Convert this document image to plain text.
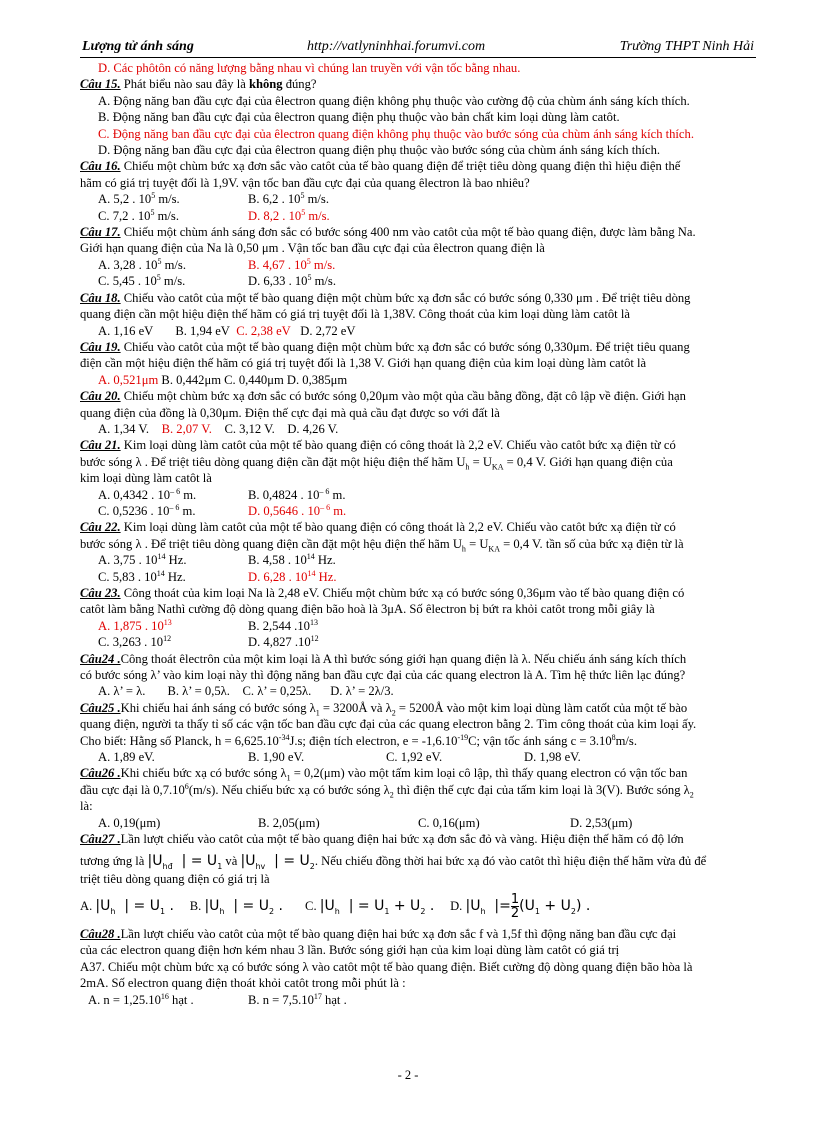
Lượng tử ánh sáng	http://vatlyninhhai.forumvi.com	Trường THPT Ninh Hải
D. Các phôtôn có năng lượng bằng nhau vì chúng lan truyền với vận tốc bằng nhau.
Câu 15. Phát biểu nào sau đây là không đúng?
A. Động năng ban đầu cực đại của êlectron quang điện không phụ thuộc vào cường độ của chùm ánh sáng kích thích.
B. Động năng ban đầu cực đại của êlectron quang điện phụ thuộc vào bản chất kim loại dùng làm catôt.
C. Động năng ban đầu cực đại của êlectron quang điện không phụ thuộc vào bước sóng của chùm ánh sáng kích thích.
D. Động năng ban đầu cực đại của êlectron quang điện phụ thuộc vào bước sóng của chùm ánh sáng kích thích.
Câu 16. Chiếu một chùm bức xạ đơn sắc vào catôt của tế bào quang điện để triệt tiêu dòng quang điện thì hiệu điện thế
hãm có giá trị tuyệt đối là 1,9V. vận tốc ban đầu cực đại của quang êlectron là bao nhiêu?
A. 5,2 . $10^5$ m/s.	B. 6,2 . $10^5$ m/s.
C. 7,2 . $10^5$ m/s.	D. 8,2 . $10^5$ m/s.
Câu 17. Chiếu một chùm ánh sáng đơn sắc có bước sóng 400 nm vào catôt của một tế bào quang điện, được làm bằng Na.
Giới hạn quang điện của Na là 0,50 μm . Vận tốc ban đầu cực đại của êlectron quang điện là
A. 3,28 . $10^5$ m/s.	B. 4,67 . $10^5$ m/s.
C. 5,45 . $10^5$ m/s.	D. 6,33 . $10^5$ m/s.
Câu 18. Chiếu vào catôt của một tế bào quang điện một chùm bức xạ đơn sắc có bước sóng 0,330 μm . Để triệt tiêu dòng
quang điện cần một hiệu điện thế hãm có giá trị tuyệt đối là 1,38V. Công thoát của kim loại dùng làm catôt là
A. 1,16 eV B. 1,94 eV C. 2,38 eV D. 2,72 eV
Câu 19. Chiếu vào catôt của một tế bào quang điện một chùm bức xạ đơn sắc có bước sóng 0,330μm. Để triệt tiêu quang
điện cần một hiệu điện thế hãm có giá trị tuyệt đối là 1,38 V. Giới hạn quang điện của kim loại dùng làm catôt là
A. 0,521μm B. 0,442μm C. 0,440μm D. 0,385μm
Câu 20. Chiếu một chùm bức xạ đơn sắc có bước sóng 0,20μm vào một qủa cầu bằng đồng, đặt cô lập về điện. Giới hạn
quang điện của đồng là 0,30μm. Điện thế cực đại mà quả cầu đạt được so với đất là
A. 1,34 V. B. 2,07 V. C. 3,12 V. D. 4,26 V.
Câu 21. Kim loại dùng làm catôt của một tế bào quang điện có công thoát là 2,2 eV. Chiếu vào catôt bức xạ điện từ có
bước sóng λ . Để triệt tiêu dòng quang điện cần đặt một hiệu điện thế hãm $U_h = U_{KA} = 0,4$ V. Giới hạn quang điện của
kim loại dùng làm catôt là
A. 0,4342 . $10^{- 6}$ m.	B. 0,4824 . $10^{- 6}$ m.
C. 0,5236 . $10^{- 6}$ m.	D. 0,5646 . $10^{- 6}$ m.
Câu 22. Kim loại dùng làm catôt của một tế bào quang điện có công thoát là 2,2 eV. Chiếu vào catôt bức xạ điện từ có
bước sóng λ . Để triệt tiêu dòng quang điện cần đặt một hệu điện thế hãm $U_h = U_{KA} = 0,4$ V. tần số của bức xạ điện từ là
A. 3,75 . $10^{14}$ Hz.	B. 4,58 . $10^{14}$ Hz.
C. 5,83 . $10^{14}$ Hz.	D. 6,28 . $10^{14}$ Hz.
Câu 23. Công thoát của kim loại Na là 2,48 eV. Chiếu một chùm bức xạ có bước sóng 0,36μm vào tế bào quang điện có
catôt làm bằng Nathì cường độ dòng quang điện bão hoà là 3μA. Số êlectron bị bứt ra khỏi catôt trong mỗi giây là
A. 1,875 . $10^{13}$	B. 2,544 $.10^{13}$
C. 3,263 . $10^{12}$	D. 4,827 $.10^{12}$
Câu24 .Công thoát êlectrôn của một kim loại là A thì bước sóng giới hạn quang điện là λ. Nếu chiếu ánh sáng kích thích
có bước sóng λ’ vào kim loại này thì động năng ban đầu cực đại của các quang electron là A. Tìm hệ thức liên lạc đúng?
A. λ’ = λ. B. λ’ = 0,5λ. C. λ’ = 0,25λ. D. λ’ = 2λ/3.
Câu25 .Khi chiếu hai ánh sáng có bước sóng $\lambda_1$ = 3200Å và $\lambda_2$ = 5200Å vào một kim loại dùng làm catốt của một tế bào
quang điện, người ta thấy tỉ số các vận tốc ban đầu cực đại của các quang electron bằng 2. Tìm công thoát của kim loại ấy.
Cho biết: Hằng số Planck, $h = 6,625.10^{-34}J.s$; điện tích electron, $e = -1,6.10^{-19}C$; vận tốc ánh sáng $c = 3.10^8m/s$.
A. 1,89 eV.	B. 1,90 eV.	C. 1,92 eV.	D. 1,98 eV.
Câu26 .Khi chiếu bức xạ có bước sóng $\lambda_1 = 0,2(\mu m)$ vào một tấm kim loại cô lập, thì thấy quang electron có vận tốc ban
đầu cực đại là 0,7.10$^6$(m/s). Nếu chiếu bức xạ có bước sóng $\lambda_2$ thì điện thế cực đại của tấm kim loại là 3(V). Bước sóng $\lambda_2$
là:
A. 0,19(μm)	B. 2,05(μm)	C. 0,16(μm)	D. 2,53(μm)
Câu27 .Lần lượt chiếu vào catôt của một tế bào quang điện hai bức xạ đơn sắc đỏ và vàng. Hiệu điện thế hãm có độ lớn
tương ứng là $|U_{hđ}$  | = $U_1$ và $|U_{hv}$  | = $U_2$. Nếu chiếu đồng thời hai bức xạ đó vào catôt thì hiệu điện thế hãm vừa đủ để
triệt tiêu dòng quang điện có giá trị là
A. $|U_h$  | = $U_1$ . B. $|U_h$  | = $U_2$ . C. $|U_h$  | = $U_1 + U_2$ . D. $|U_h$  |= $\frac{1}{2} (U_1 + U_2)$ .
Câu28 .Lần lượt chiếu vào catôt của một tế bào quang điện hai bức xạ đơn sắc f và 1,5f thì động năng ban đầu cực đại
của các electron quang điện hơn kém nhau 3 lần. Bước sóng giới hạn của kim loại dùng làm catôt có giá trị
A37. Chiếu một chùm bức xạ có bước sóng λ vào catôt một tế bào quang điện. Biết cường độ dòng quang điện bão hòa là
2mA. Số electron quang điện thoát khỏi catôt trong mỗi phút là :
A. $n = 1,25.10^{16}$ hạt .	B. $n = 7,5.10^{17}$ hạt .
- 2 -
